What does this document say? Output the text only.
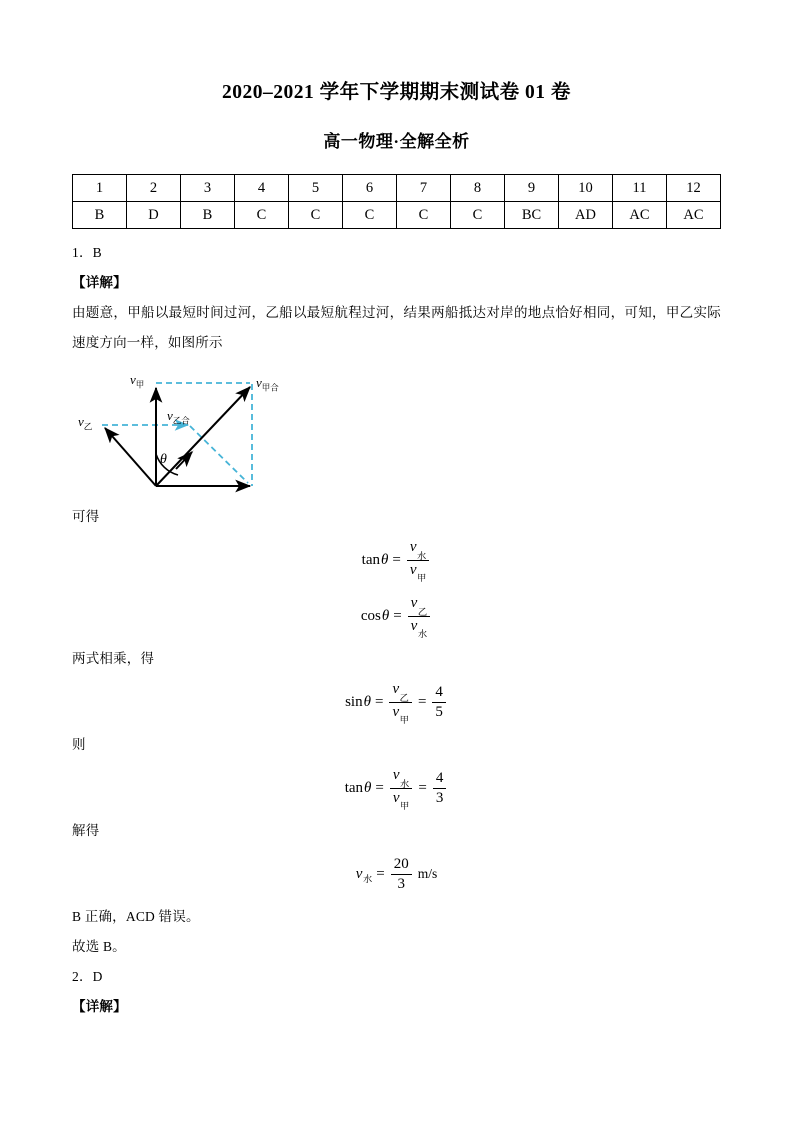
2020–2021 学年下学期期末测试卷 01 卷
高一物理·全解全析
1	2	3	4	5	6	7	8	9	10	11	12
B	D	B	C	C	C	C	C	BC	AD	AC	AC

1．B

【详解】

由题意，甲船以最短时间过河，乙船以最短航程过河，结果两船抵达对岸的地点恰好相同，可知，甲乙实际速度方向一样，如图所示

$v_甲$	$v_{甲合}$
$v_乙$
$v_{乙合}$
θ

可得

$\tan \theta = \frac{v_水}{v_甲}$
$\cos \theta = \frac{v_乙}{v_水}$

两式相乘，得

$\sin \theta = \frac{v_乙}{v_甲} = \frac{4}{5}$

则

$\tan \theta = \frac{v_水}{v_甲} = \frac{4}{3}$

解得

v 水 = $\frac{20}{3} m/s$

B 正确，ACD 错误。

故选 B。

2．D

【详解】
